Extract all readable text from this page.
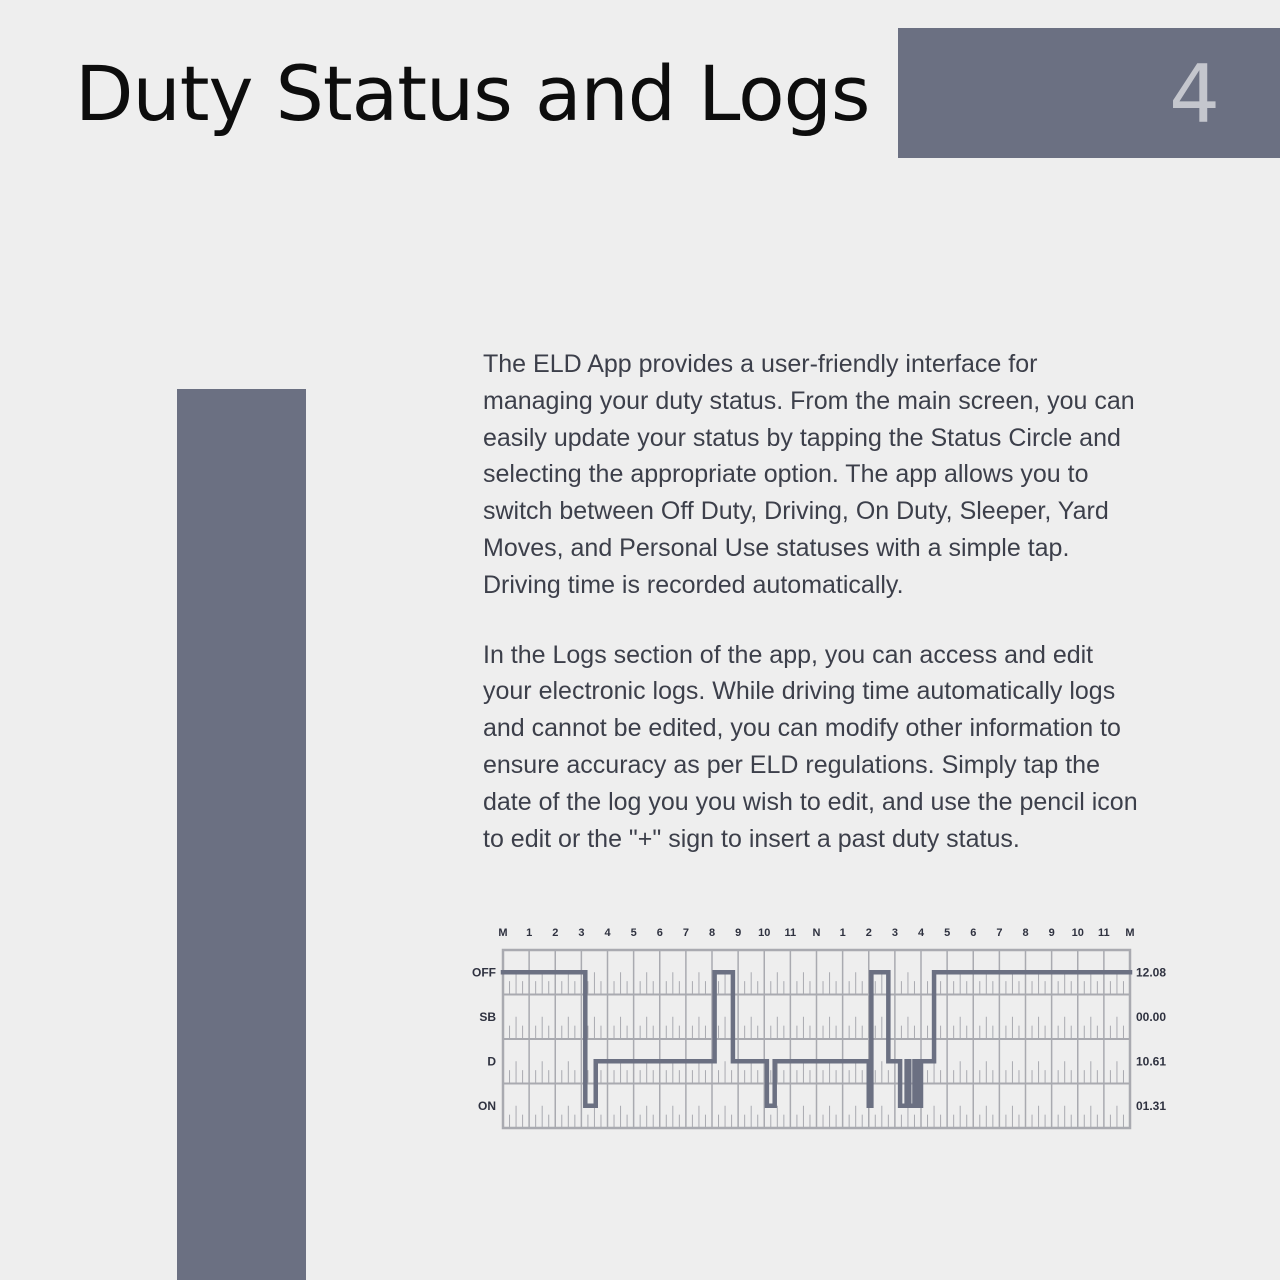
Duty Status and Logs	4

The ELD App provides a user-friendly interface for
managing your duty status. From the main screen, you can
easily update your status by tapping the Status Circle and
selecting the appropriate option. The app allows you to
switch between Off Duty, Driving, On Duty, Sleeper, Yard
Moves, and Personal Use statuses with a simple tap.
Driving time is recorded automatically.

In the Logs section of the app, you can access and edit
your electronic logs. While driving time automatically logs
and cannot be edited, you can modify other information to
ensure accuracy as per ELD regulations. Simply tap the
date of the log you you wish to edit, and use the pencil icon
to edit or the "+" sign to insert a past duty status.

M 1 2 3 4 5 6 7 8 9 10 11 N 1 2 3 4 5 6 7 8 9 10 11 M
OFF
SB
D
ON
12.08
00.00
10.61
01.31
